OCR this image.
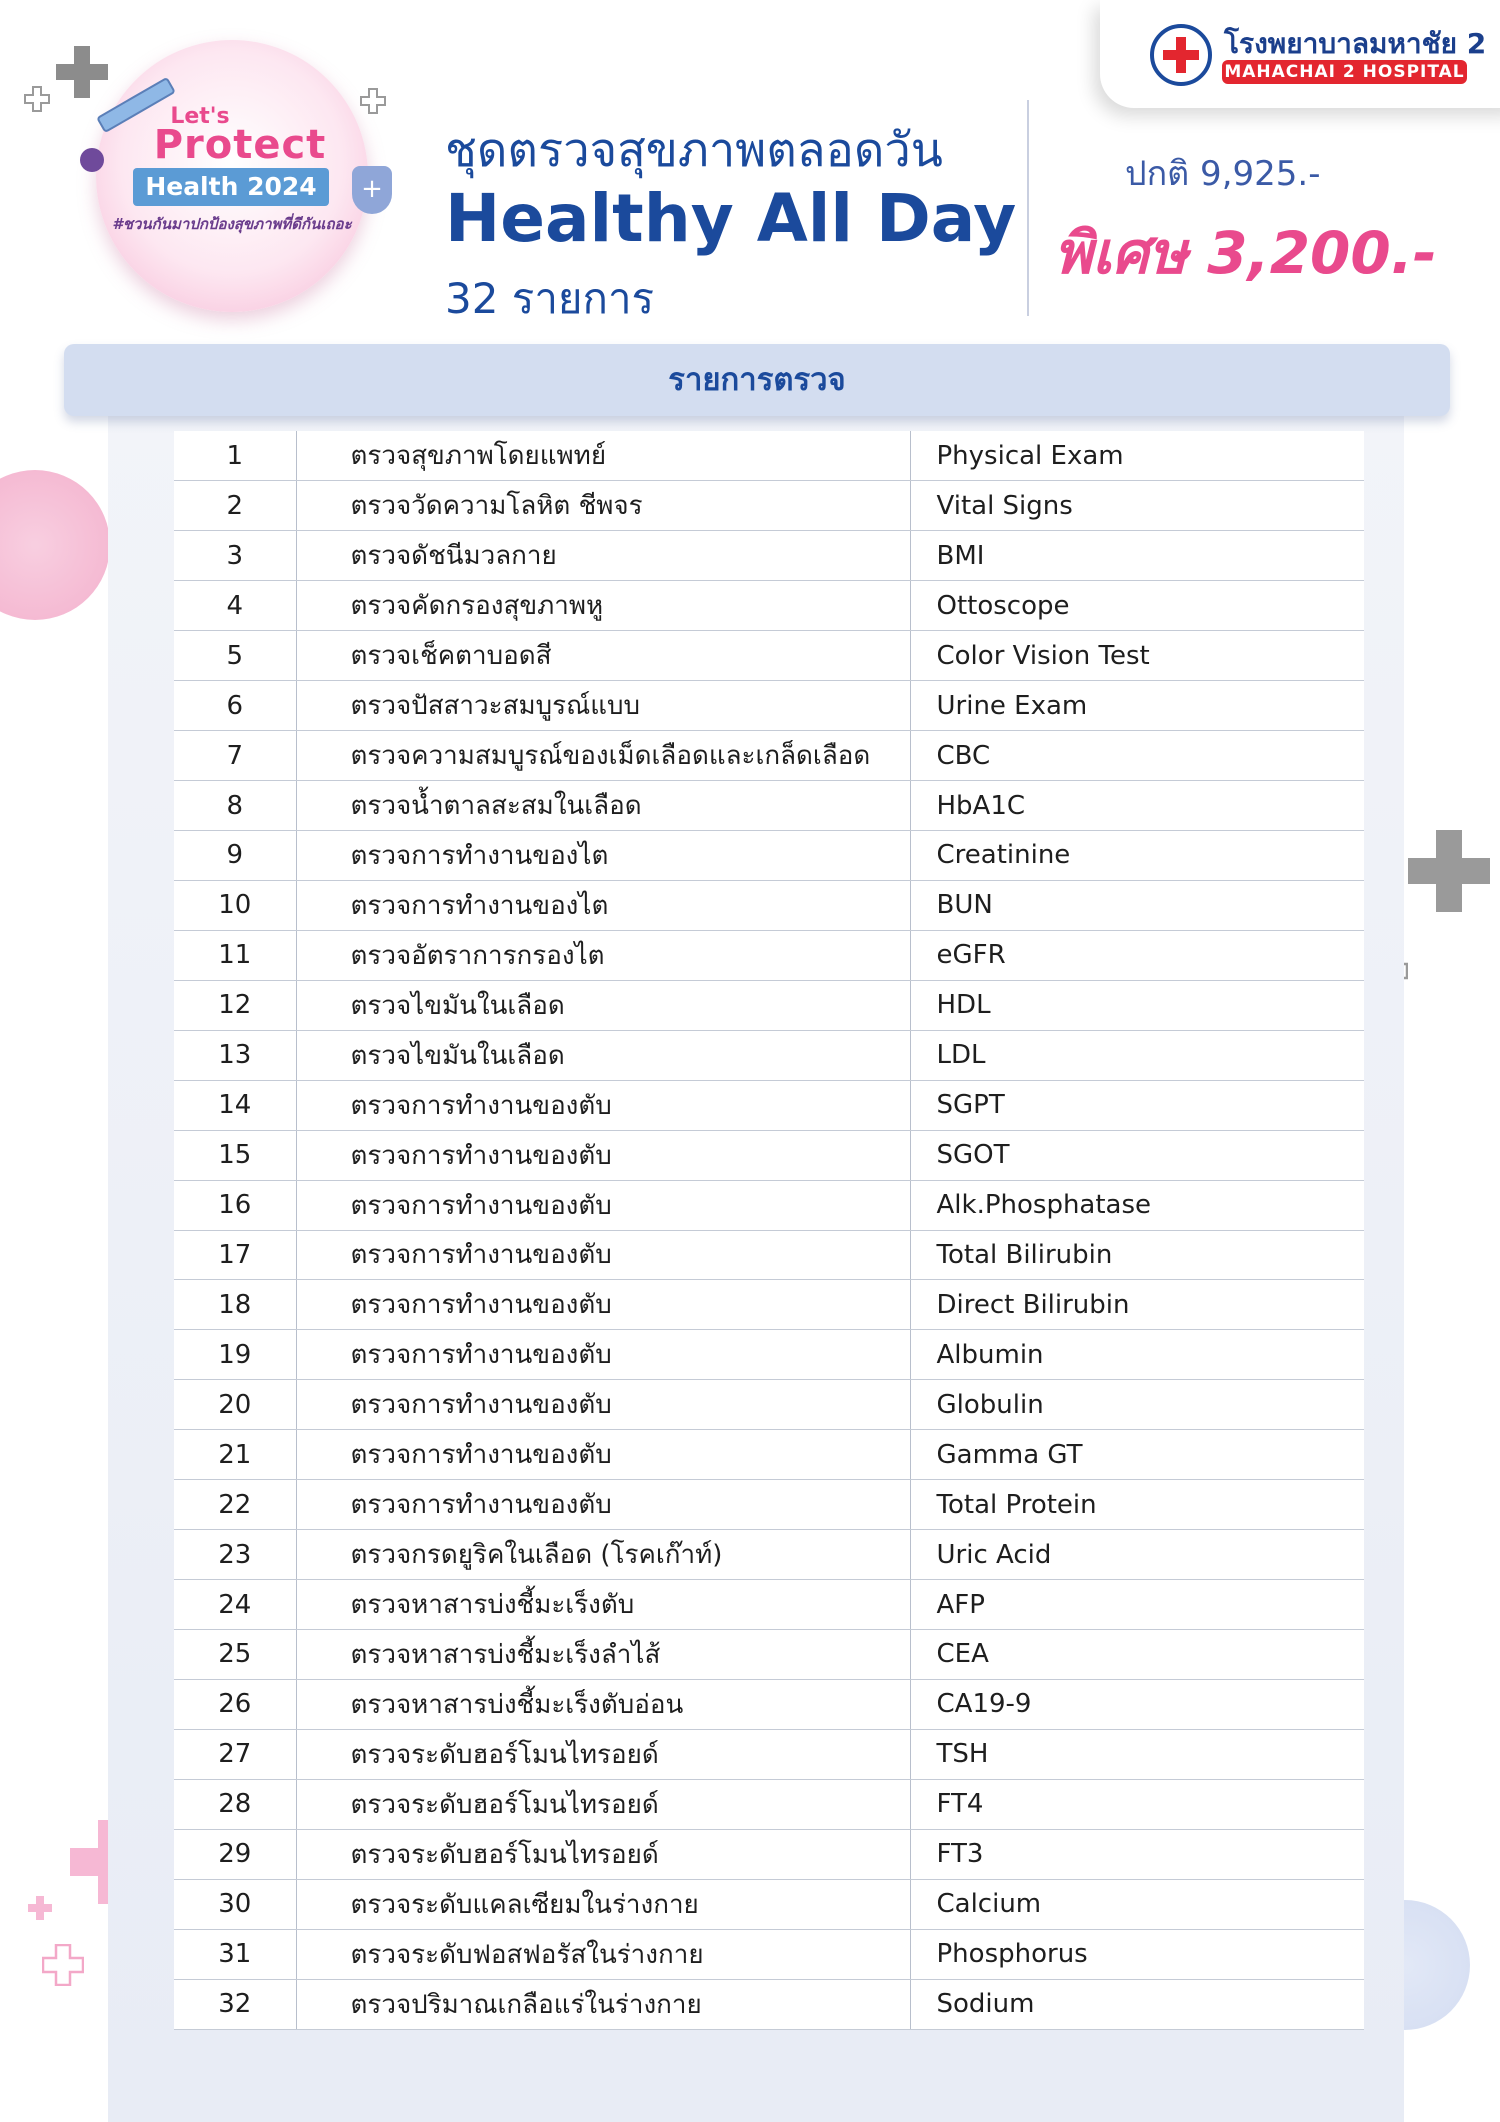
โรงพยาบาลมหาชัย 2
MAHACHAI 2 HOSPITAL
Let's
Protect
Health 2024
#ชวนกันมาปกป้องสุขภาพที่ดีกันเถอะ
+
ชุดตรวจสุขภาพตลอดวัน
Healthy All Day
32 รายการ
ปกติ 9,925.-
พิเศษ 3,200.-
รายการตรวจ
1	ตรวจสุขภาพโดยแพทย์	Physical Exam
2	ตรวจวัดความโลหิต ชีพจร	Vital Signs
3	ตรวจดัชนีมวลกาย	BMI
4	ตรวจคัดกรองสุขภาพหู	Ottoscope
5	ตรวจเช็คตาบอดสี	Color Vision Test
6	ตรวจปัสสาวะสมบูรณ์แบบ	Urine Exam
7	ตรวจความสมบูรณ์ของเม็ดเลือดและเกล็ดเลือด	CBC
8	ตรวจน้ำตาลสะสมในเลือด	HbA1C
9	ตรวจการทำงานของไต	Creatinine
10	ตรวจการทำงานของไต	BUN
11	ตรวจอัตราการกรองไต	eGFR
12	ตรวจไขมันในเลือด	HDL
13	ตรวจไขมันในเลือด	LDL
14	ตรวจการทำงานของตับ	SGPT
15	ตรวจการทำงานของตับ	SGOT
16	ตรวจการทำงานของตับ	Alk.Phosphatase
17	ตรวจการทำงานของตับ	Total Bilirubin
18	ตรวจการทำงานของตับ	Direct Bilirubin
19	ตรวจการทำงานของตับ	Albumin
20	ตรวจการทำงานของตับ	Globulin
21	ตรวจการทำงานของตับ	Gamma GT
22	ตรวจการทำงานของตับ	Total Protein
23	ตรวจกรดยูริคในเลือด (โรคเก๊าท์)	Uric Acid
24	ตรวจหาสารบ่งชี้มะเร็งตับ	AFP
25	ตรวจหาสารบ่งชี้มะเร็งลำไส้	CEA
26	ตรวจหาสารบ่งชี้มะเร็งตับอ่อน	CA19-9
27	ตรวจระดับฮอร์โมนไทรอยด์	TSH
28	ตรวจระดับฮอร์โมนไทรอยด์	FT4
29	ตรวจระดับฮอร์โมนไทรอยด์	FT3
30	ตรวจระดับแคลเซียมในร่างกาย	Calcium
31	ตรวจระดับฟอสฟอรัสในร่างกาย	Phosphorus
32	ตรวจปริมาณเกลือแร่ในร่างกาย	Sodium
